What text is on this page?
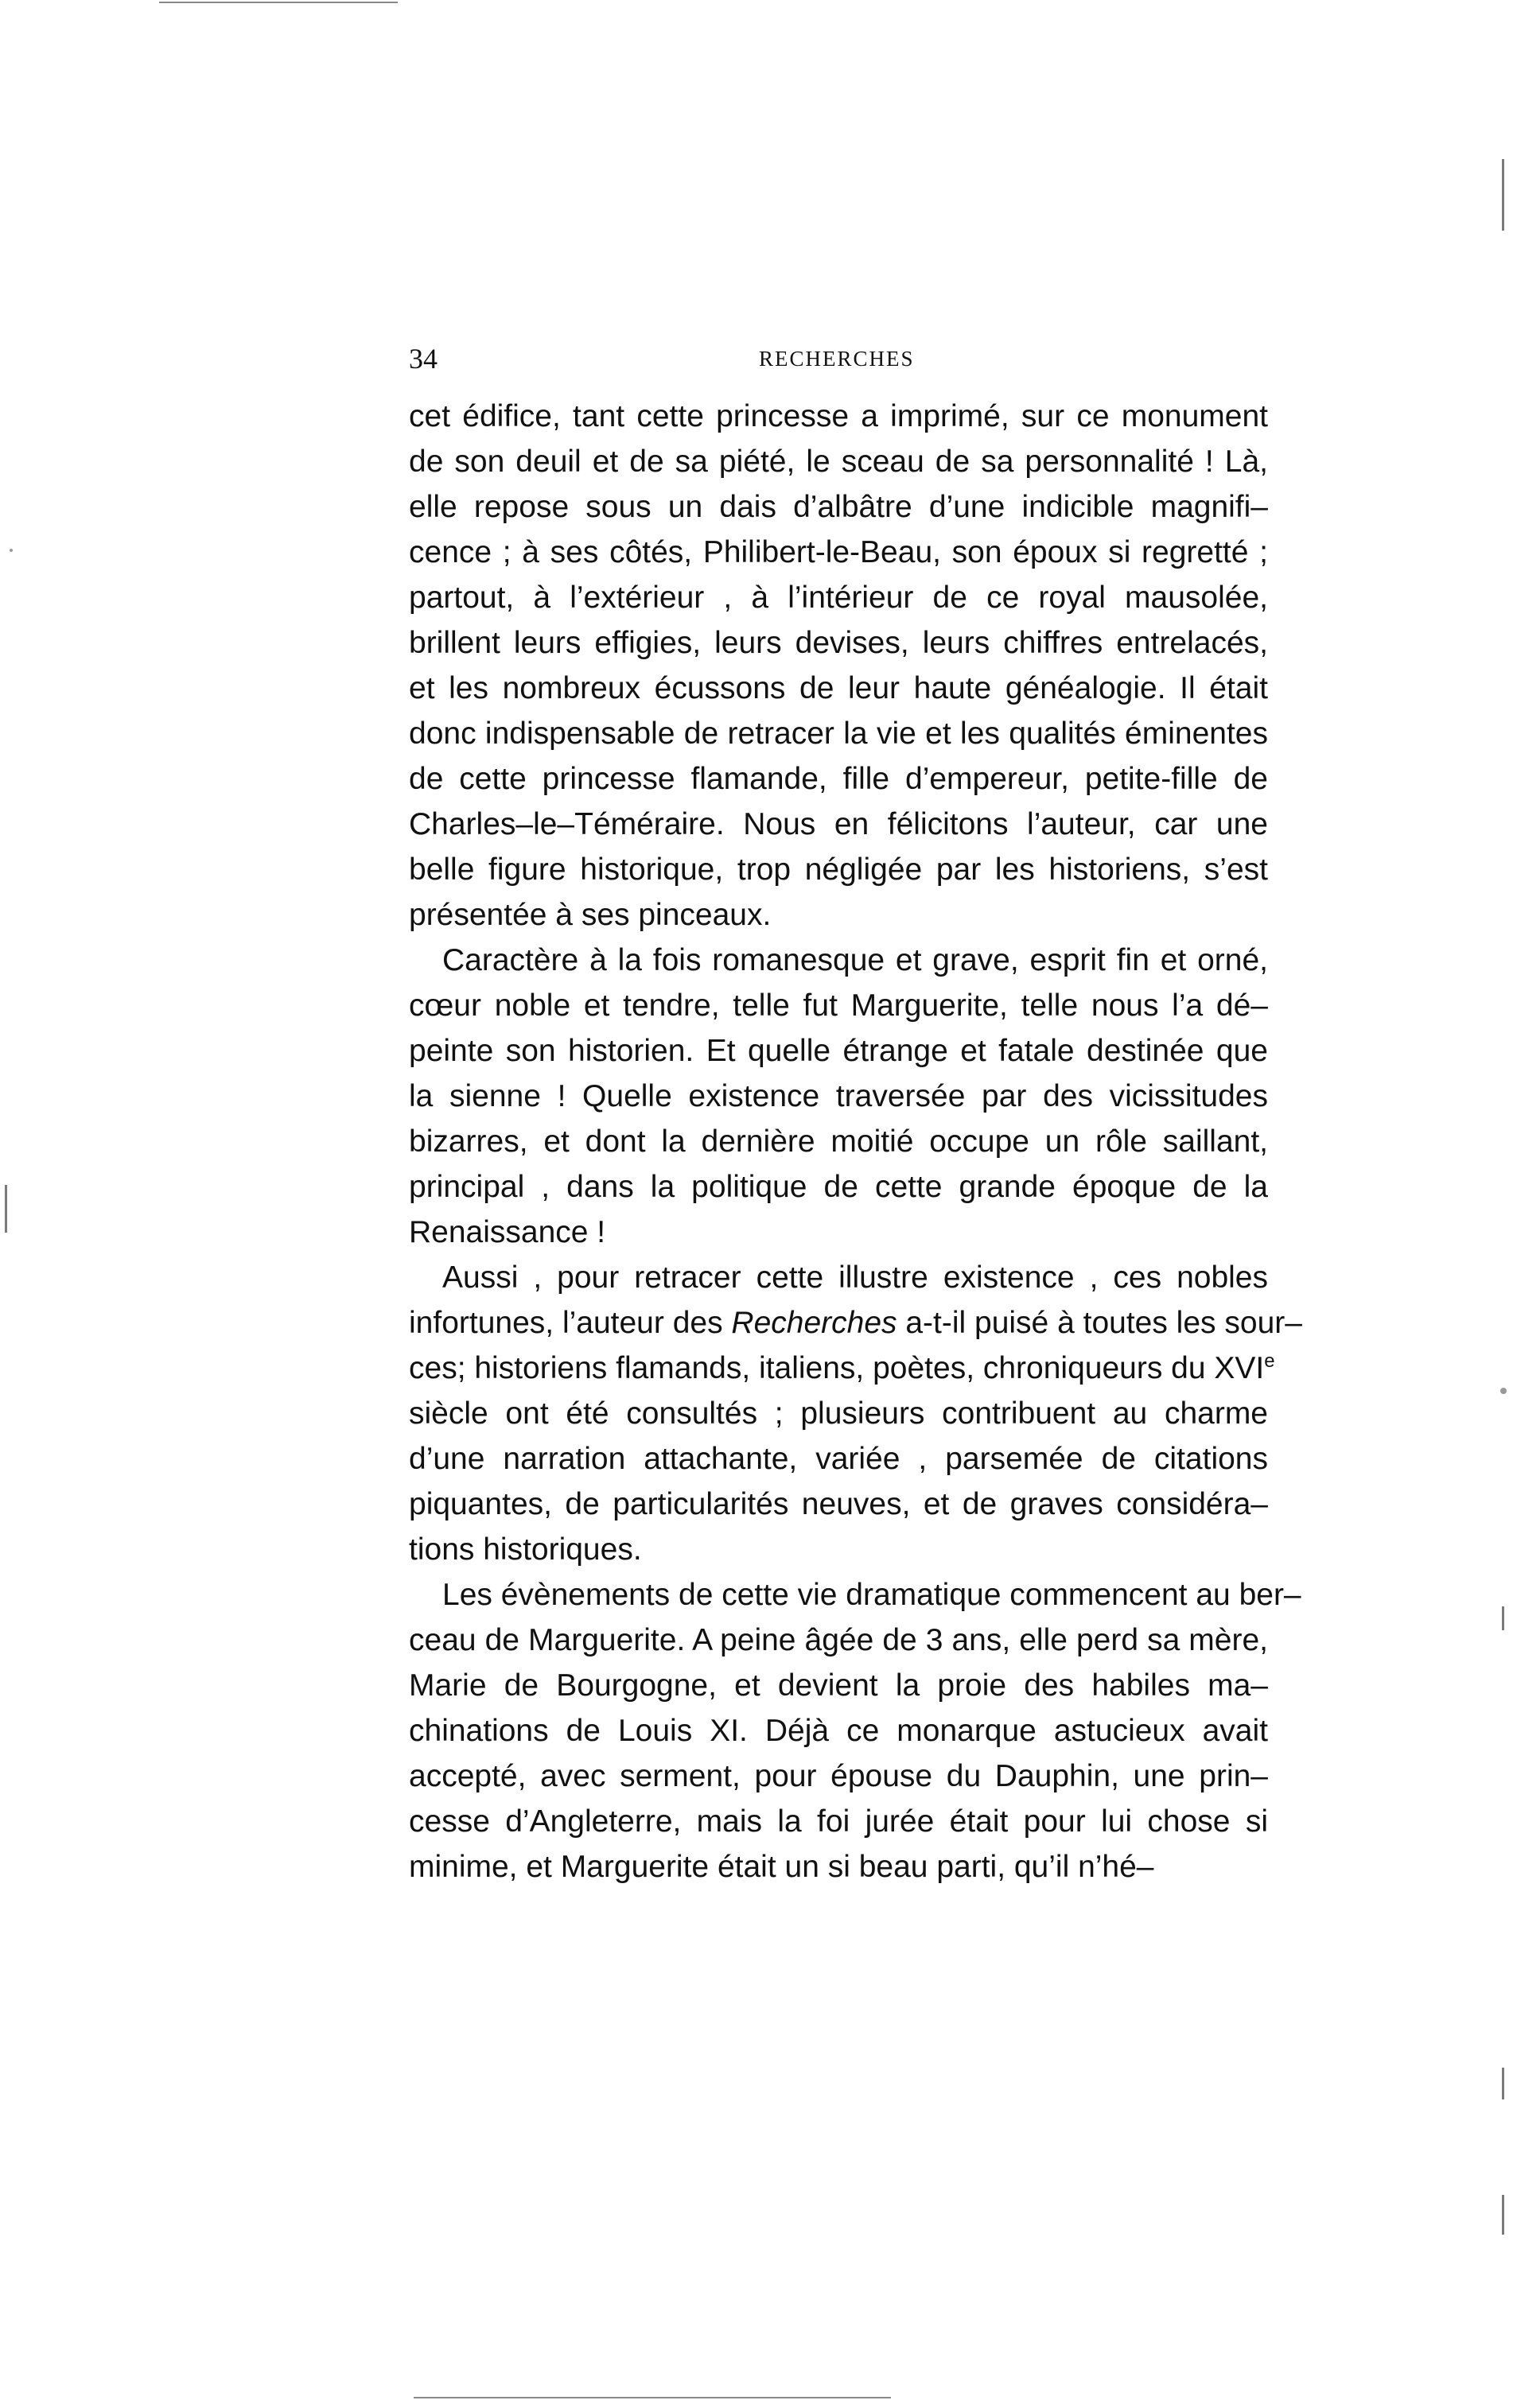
34	RECHERCHES
cet édifice, tant cette princesse a imprimé, sur ce monument
de son deuil et de sa piété, le sceau de sa personnalité ! Là,
elle repose sous un dais d’albâtre d’une indicible magnifi–
cence ; à ses côtés, Philibert-le-Beau, son époux si regretté ;
partout, à l’extérieur , à l’intérieur de ce royal mausolée,
brillent leurs effigies, leurs devises, leurs chiffres entrelacés,
et les nombreux écussons de leur haute généalogie. Il était
donc indispensable de retracer la vie et les qualités éminentes
de cette princesse flamande, fille d’empereur, petite-fille de
Charles–le–Téméraire. Nous en félicitons l’auteur, car une
belle figure historique, trop négligée par les historiens, s’est
présentée à ses pinceaux.
Caractère à la fois romanesque et grave, esprit fin et orné,
cœur noble et tendre, telle fut Marguerite, telle nous l’a dé–
peinte son historien. Et quelle étrange et fatale destinée que
la sienne ! Quelle existence traversée par des vicissitudes
bizarres, et dont la dernière moitié occupe un rôle saillant,
principal , dans la politique de cette grande époque de la
Renaissance !
Aussi , pour retracer cette illustre existence , ces nobles
infortunes, l’auteur des Recherches a-t-il puisé à toutes les sour–
ces; historiens flamands, italiens, poètes, chroniqueurs du XVIe
siècle ont été consultés ; plusieurs contribuent au charme
d’une narration attachante, variée , parsemée de citations
piquantes, de particularités neuves, et de graves considéra–
tions historiques.
Les évènements de cette vie dramatique commencent au ber–
ceau de Marguerite. A peine âgée de 3 ans, elle perd sa mère,
Marie de Bourgogne, et devient la proie des habiles ma–
chinations de Louis XI. Déjà ce monarque astucieux avait
accepté, avec serment, pour épouse du Dauphin, une prin–
cesse d’Angleterre, mais la foi jurée était pour lui chose si
minime, et Marguerite était un si beau parti, qu’il n’hé–
